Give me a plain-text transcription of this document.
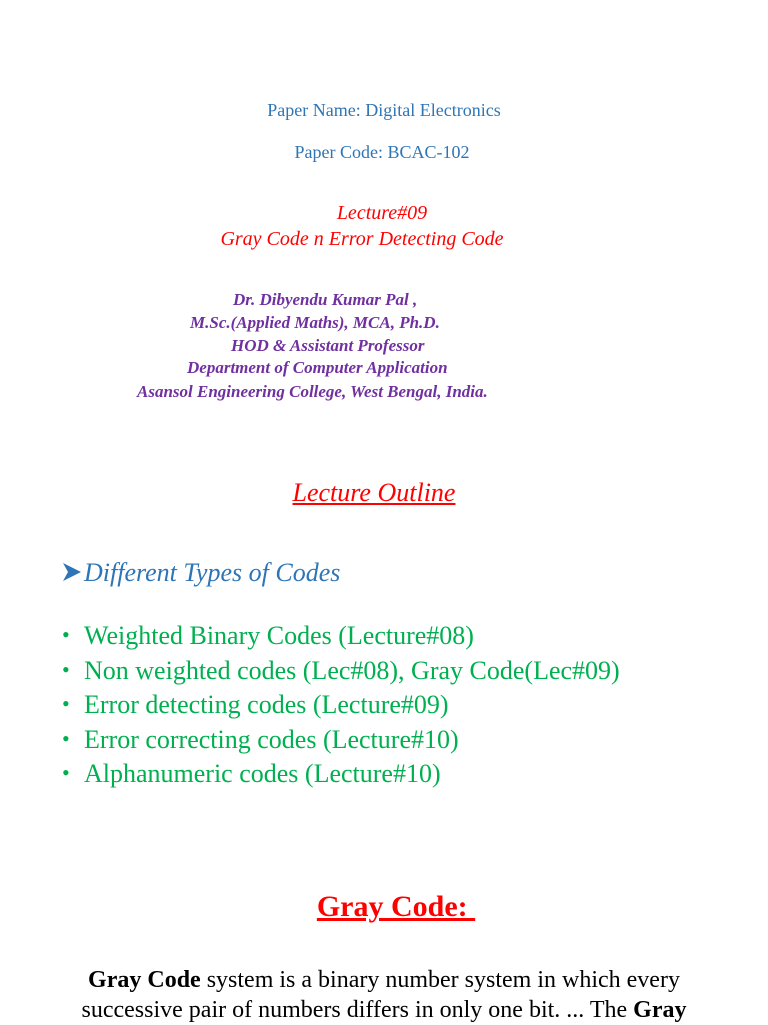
Paper Name: Digital Electronics
Paper Code: BCAC-102
Lecture#09
Gray Code n Error Detecting Code
Dr. Dibyendu Kumar Pal ,
M.Sc.(Applied Maths), MCA, Ph.D.
HOD & Assistant Professor
Department of Computer Application
Asansol Engineering College, West Bengal, India.
Lecture Outline
Different Types of Codes
• Weighted Binary Codes (Lecture#08)
• Non weighted codes (Lec#08), Gray Code(Lec#09)
• Error detecting codes (Lecture#09)
• Error correcting codes (Lecture#10)
• Alphanumeric codes (Lecture#10)
Gray Code:
Gray Code system is a binary number system in which every
successive pair of numbers differs in only one bit. ... The Gray
